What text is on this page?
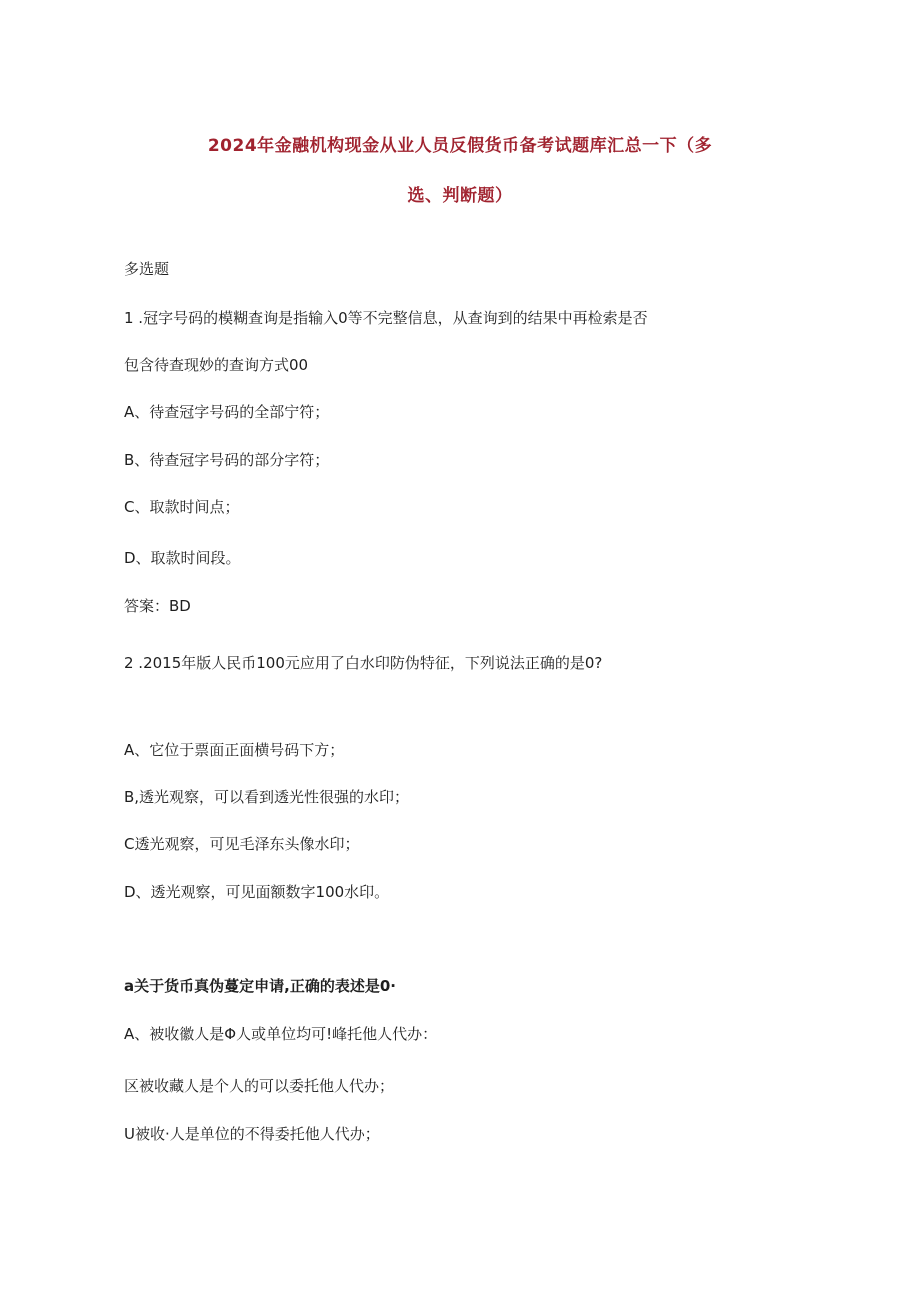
2024年金融机构现金从业人员反假货币备考试题库汇总一下（多
选、判断题）
多选题
1 .冠字号码的模糊查询是指输入0等不完整信息，从查询到的结果中再检索是否
包含待查现妙的查询方式00
A、待查冠字号码的全部宁符；
B、待查冠字号码的部分字符；
C、取款时间点；
D、取款时间段。
答案：BD
2 .2015年版人民币100元应用了白水印防伪特征，下列说法正确的是0?
A、它位于票面正面横号码下方；
B,透光观察，可以看到透光性很强的水印；
C透光观察，可见毛泽东头像水印；
D、透光观察，可见面额数字100水印。
a关于货币真伪蔓定申请,正确的表述是0·
A、被收徽人是Φ人或单位均可!峰托他人代办：
区被收藏人是个人的可以委托他人代办；
U被收·人是单位的不得委托他人代办；
